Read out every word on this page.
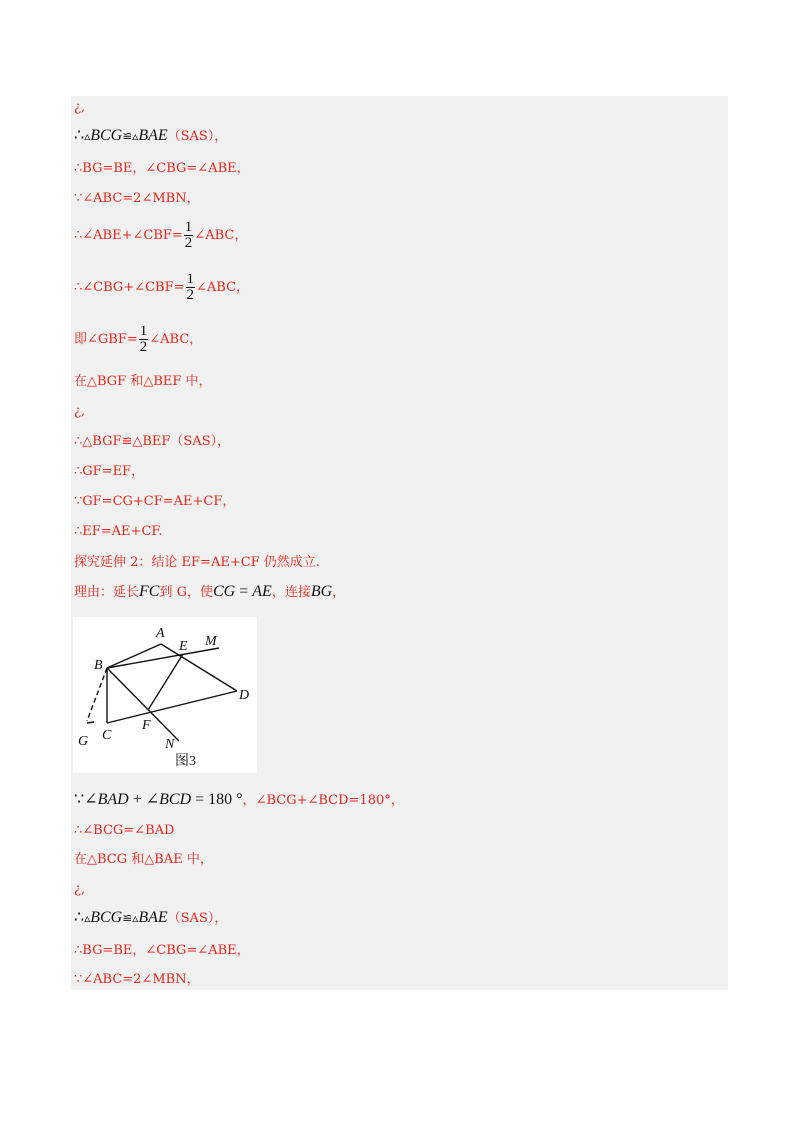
¿,
∴▵BCG≌▵BAE（SAS），
∴BG=BE，∠CBG=∠ABE，
∵∠ABC=2∠MBN，
∴∠ABE+∠CBF= $\frac{1}{2}$ ∠ABC，
∴∠CBG+∠CBF= $\frac{1}{2}$ ∠ABC，
即∠GBF= $\frac{1}{2}$ ∠ABC，
在△BGF 和△BEF 中，
¿,
∴△BGF≌△BEF（SAS），
∴GF=EF，
∵GF=CG+CF=AE+CF，
∴EF=AE+CF.
探究延伸 2：结论 EF=AE+CF 仍然成立.
理由：延长FC到 G，使CG = AE，连接BG，
A
E M
B
D
F
C
G	N
图3
∵∠BAD + ∠BCD = 180 °，∠BCG+∠BCD=180°，
∴∠BCG=∠BAD
在△BCG 和△BAE 中，
¿,
∴▵BCG≌▵BAE（SAS），
∴BG=BE，∠CBG=∠ABE，
∵∠ABC=2∠MBN，
